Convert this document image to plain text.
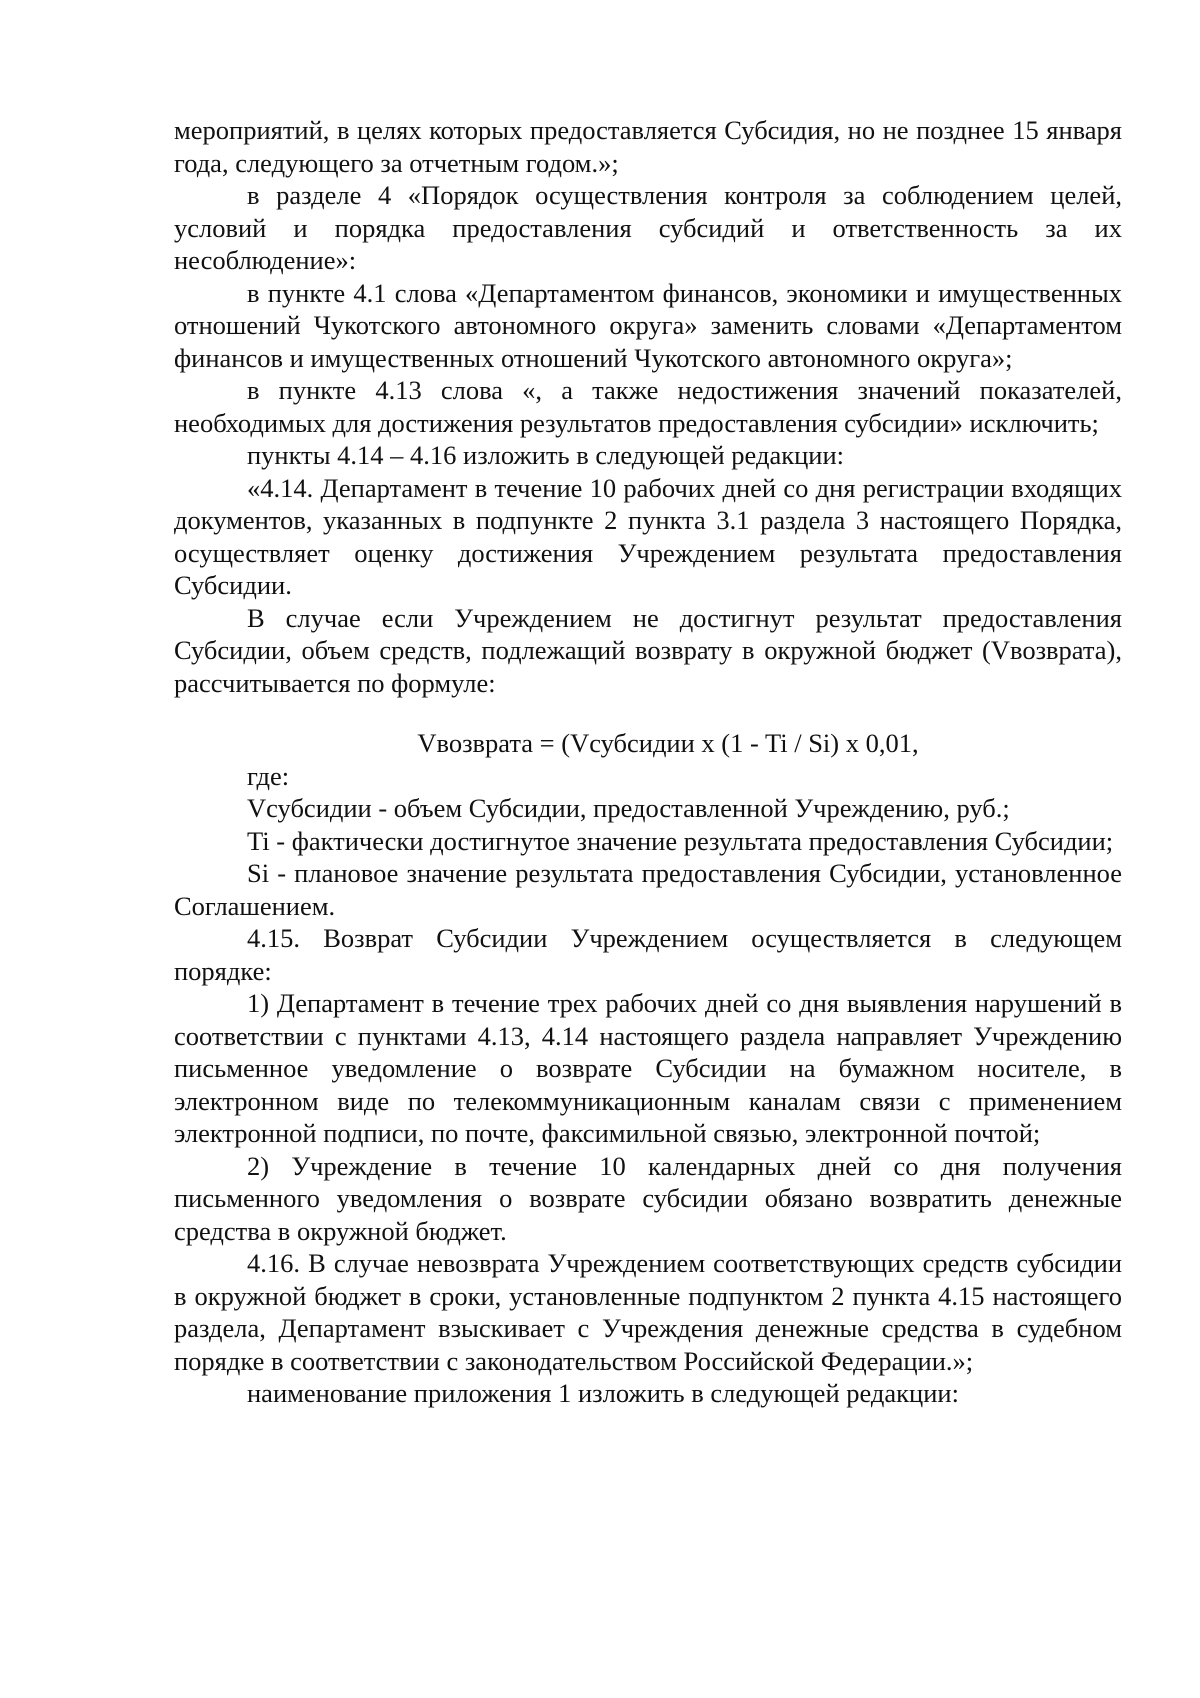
мероприятий, в целях которых предоставляется Субсидия, но не позднее 15 января года, следующего за отчетным годом.»;

в разделе 4 «Порядок осуществления контроля за соблюдением целей, условий и порядка предоставления субсидий и ответственность за их несоблюдение»:

в пункте 4.1 слова «Департаментом финансов, экономики и имущественных отношений Чукотского автономного округа» заменить словами «Департаментом финансов и имущественных отношений Чукотского автономного округа»;

в пункте 4.13 слова «, а также недостижения значений показателей, необходимых для достижения результатов предоставления субсидии» исключить;

пункты 4.14 – 4.16 изложить в следующей редакции:

«4.14. Департамент в течение 10 рабочих дней со дня регистрации входящих документов, указанных в подпункте 2 пункта 3.1 раздела 3 настоящего Порядка, осуществляет оценку достижения Учреждением результата предоставления Субсидии.

В случае если Учреждением не достигнут результат предоставления Субсидии, объем средств, подлежащий возврату в окружной бюджет (Vвозврата), рассчитывается по формуле:

Vвозврата = (Vсубсидии x (1 - Ti / Si) x 0,01,

где:

Vсубсидии - объем Субсидии, предоставленной Учреждению, руб.;

Ti - фактически достигнутое значение результата предоставления Субсидии;

Si - плановое значение результата предоставления Субсидии, установленное Соглашением.

4.15. Возврат Субсидии Учреждением осуществляется в следующем порядке:

1) Департамент в течение трех рабочих дней со дня выявления нарушений в соответствии с пунктами 4.13, 4.14 настоящего раздела направляет Учреждению письменное уведомление о возврате Субсидии на бумажном носителе, в электронном виде по телекоммуникационным каналам связи с применением электронной подписи, по почте, факсимильной связью, электронной почтой;

2) Учреждение в течение 10 календарных дней со дня получения письменного уведомления о возврате субсидии обязано возвратить денежные средства в окружной бюджет.

4.16. В случае невозврата Учреждением соответствующих средств субсидии в окружной бюджет в сроки, установленные подпунктом 2 пункта 4.15 настоящего раздела, Департамент взыскивает с Учреждения денежные средства в судебном порядке в соответствии с законодательством Российской Федерации.»;

наименование приложения 1 изложить в следующей редакции:
